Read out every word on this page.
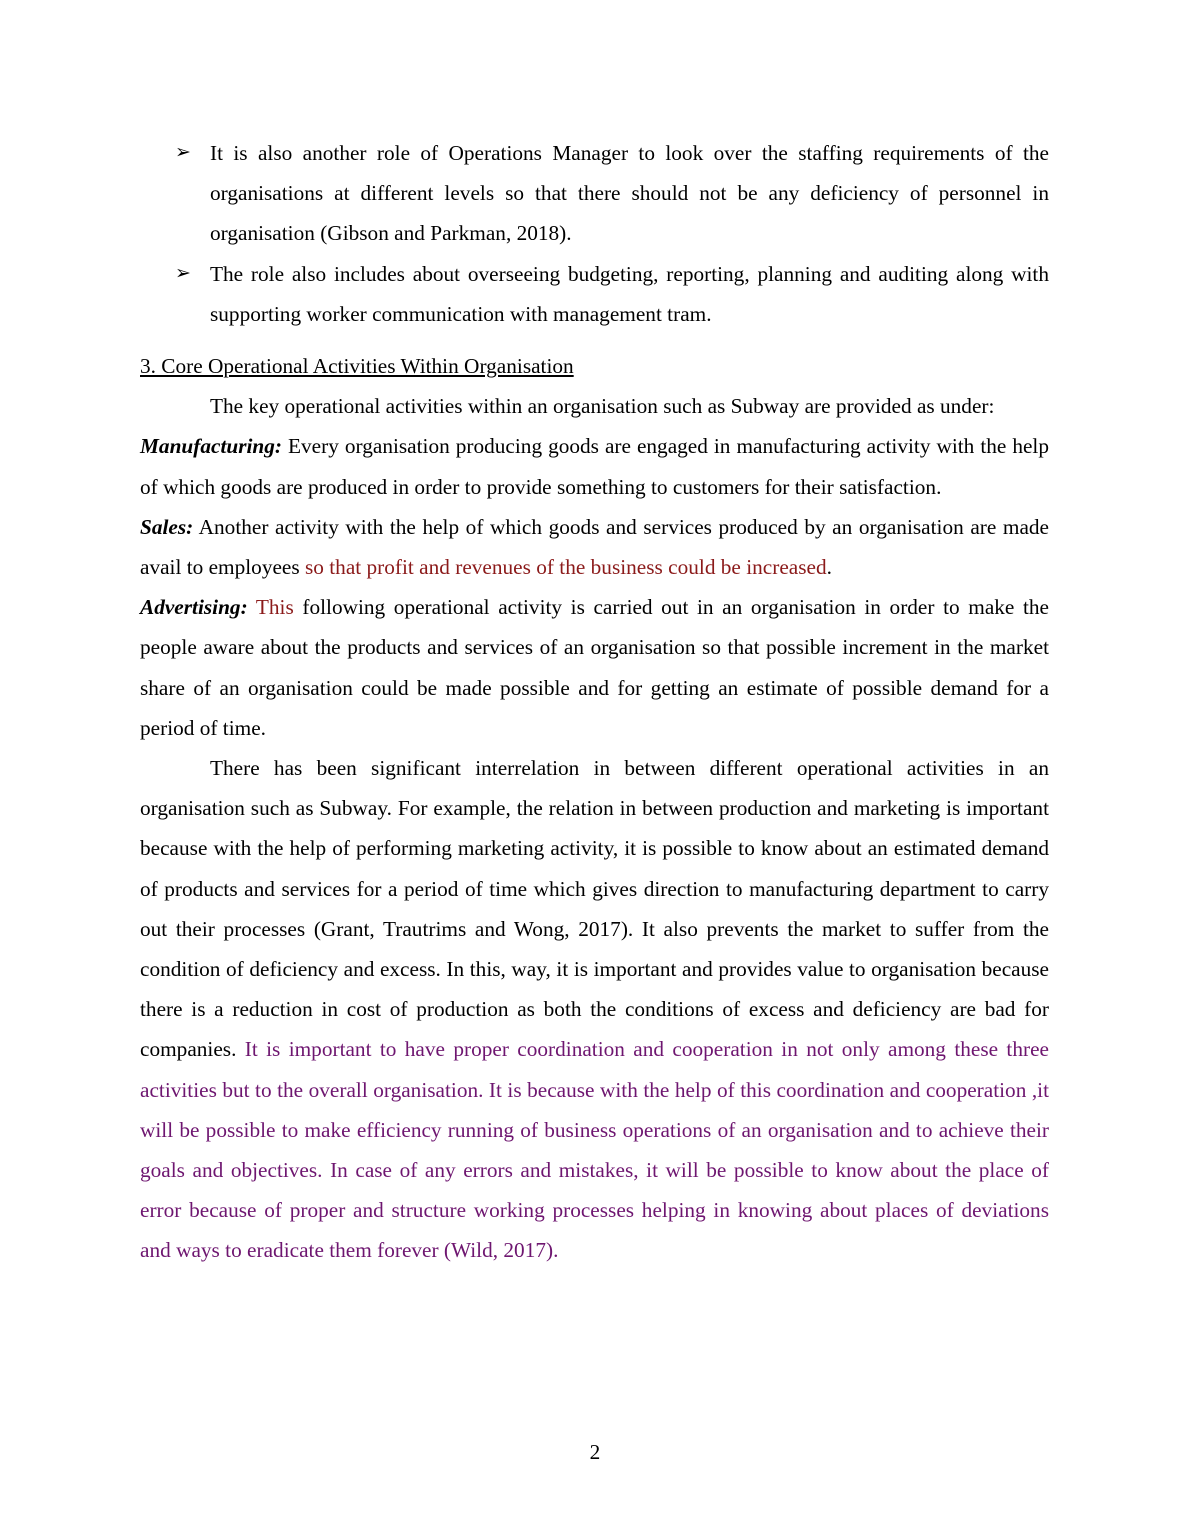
➢ It is also another role of Operations Manager to look over the staffing requirements of the organisations at different levels so that there should not be any deficiency of personnel in organisation (Gibson and Parkman, 2018).
➢ The role also includes about overseeing budgeting, reporting, planning and auditing along with supporting worker communication with management tram.
3. Core Operational Activities Within Organisation
The key operational activities within an organisation such as Subway are provided as under:
Manufacturing: Every organisation producing goods are engaged in manufacturing activity with the help of which goods are produced in order to provide something to customers for their satisfaction.
Sales: Another activity with the help of which goods and services produced by an organisation are made avail to employees so that profit and revenues of the business could be increased.
Advertising: This following operational activity is carried out in an organisation in order to make the people aware about the products and services of an organisation so that possible increment in the market share of an organisation could be made possible and for getting an estimate of possible demand for a period of time.
There has been significant interrelation in between different operational activities in an organisation such as Subway. For example, the relation in between production and marketing is important because with the help of performing marketing activity, it is possible to know about an estimated demand of products and services for a period of time which gives direction to manufacturing department to carry out their processes (Grant, Trautrims and Wong, 2017). It also prevents the market to suffer from the condition of deficiency and excess. In this, way, it is important and provides value to organisation because there is a reduction in cost of production as both the conditions of excess and deficiency are bad for companies. It is important to have proper coordination and cooperation in not only among these three activities but to the overall organisation. It is because with the help of this coordination and cooperation ,it will be possible to make efficiency running of business operations of an organisation and to achieve their goals and objectives. In case of any errors and mistakes, it will be possible to know about the place of error because of proper and structure working processes helping in knowing about places of deviations and ways to eradicate them forever (Wild, 2017).
2
